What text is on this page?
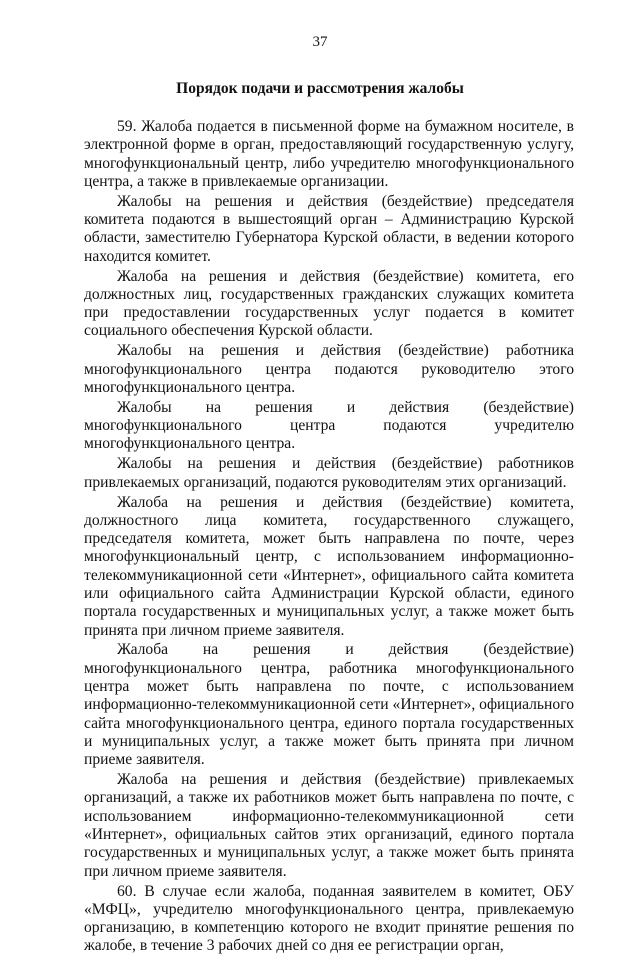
37
Порядок подачи и рассмотрения жалобы

59. Жалоба подается в письменной форме на бумажном носителе, в электронной форме в орган, предоставляющий государственную услугу, многофункциональный центр, либо учредителю многофункционального центра, а также в привлекаемые организации.

Жалобы на решения и действия (бездействие) председателя комитета подаются в вышестоящий орган – Администрацию Курской области, заместителю Губернатора Курской области, в ведении которого находится комитет.

Жалоба на решения и действия (бездействие) комитета, его должностных лиц, государственных гражданских служащих комитета при предоставлении государственных услуг подается в комитет социального обеспечения Курской области.

Жалобы на решения и действия (бездействие) работника многофункционального центра подаются руководителю этого многофункционального центра.

Жалобы на решения и действия (бездействие) многофункционального центра подаются учредителю многофункционального центра.

Жалобы на решения и действия (бездействие) работников привлекаемых организаций, подаются руководителям этих организаций.

Жалоба на решения и действия (бездействие) комитета, должностного лица комитета, государственного служащего, председателя комитета, может быть направлена по почте, через многофункциональный центр, с использованием информационно-телекоммуникационной сети «Интернет», официального сайта комитета или официального сайта Администрации Курской области, единого портала государственных и муниципальных услуг, а также может быть принята при личном приеме заявителя.

Жалоба на решения и действия (бездействие) многофункционального центра, работника многофункционального центра может быть направлена по почте, с использованием информационно-телекоммуникационной сети «Интернет», официального сайта многофункционального центра, единого портала государственных и муниципальных услуг, а также может быть принята при личном приеме заявителя.

Жалоба на решения и действия (бездействие) привлекаемых организаций, а также их работников может быть направлена по почте, с использованием информационно-телекоммуникационной сети «Интернет», официальных сайтов этих организаций, единого портала государственных и муниципальных услуг, а также может быть принята при личном приеме заявителя.

60. В случае если жалоба, поданная заявителем в комитет, ОБУ «МФЦ», учредителю многофункционального центра, привлекаемую организацию, в компетенцию которого не входит принятие решения по жалобе, в течение 3 рабочих дней со дня ее регистрации орган,
